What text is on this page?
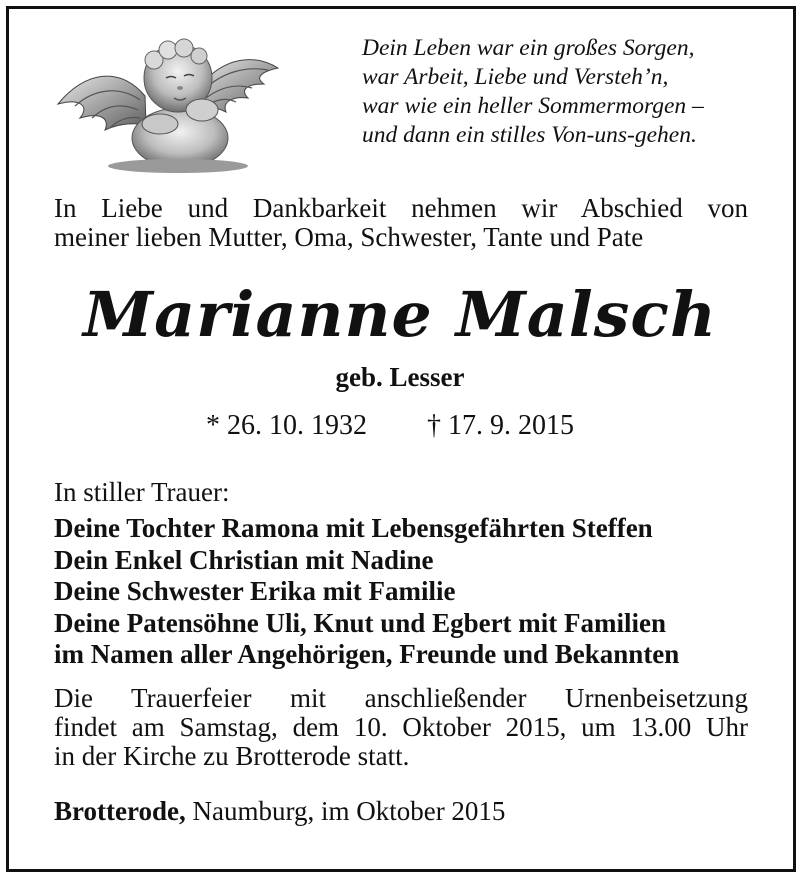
Dein Leben war ein großes Sorgen,
war Arbeit, Liebe und Versteh’n,
war wie ein heller Sommermorgen –
und dann ein stilles Von-uns-gehen.
In Liebe und Dankbarkeit nehmen wir Abschied von
meiner lieben Mutter, Oma, Schwester, Tante und Pate
Marianne Malsch
geb. Lesser
* 26. 10. 1932 † 17. 9. 2015
In stiller Trauer:
Deine Tochter Ramona mit Lebensgefährten Steffen
Dein Enkel Christian mit Nadine
Deine Schwester Erika mit Familie
Deine Patensöhne Uli, Knut und Egbert mit Familien
im Namen aller Angehörigen, Freunde und Bekannten
Die Trauerfeier mit anschließender Urnenbeisetzung
findet am Samstag, dem 10. Oktober 2015, um 13.00 Uhr
in der Kirche zu Brotterode statt.
Brotterode, Naumburg, im Oktober 2015
